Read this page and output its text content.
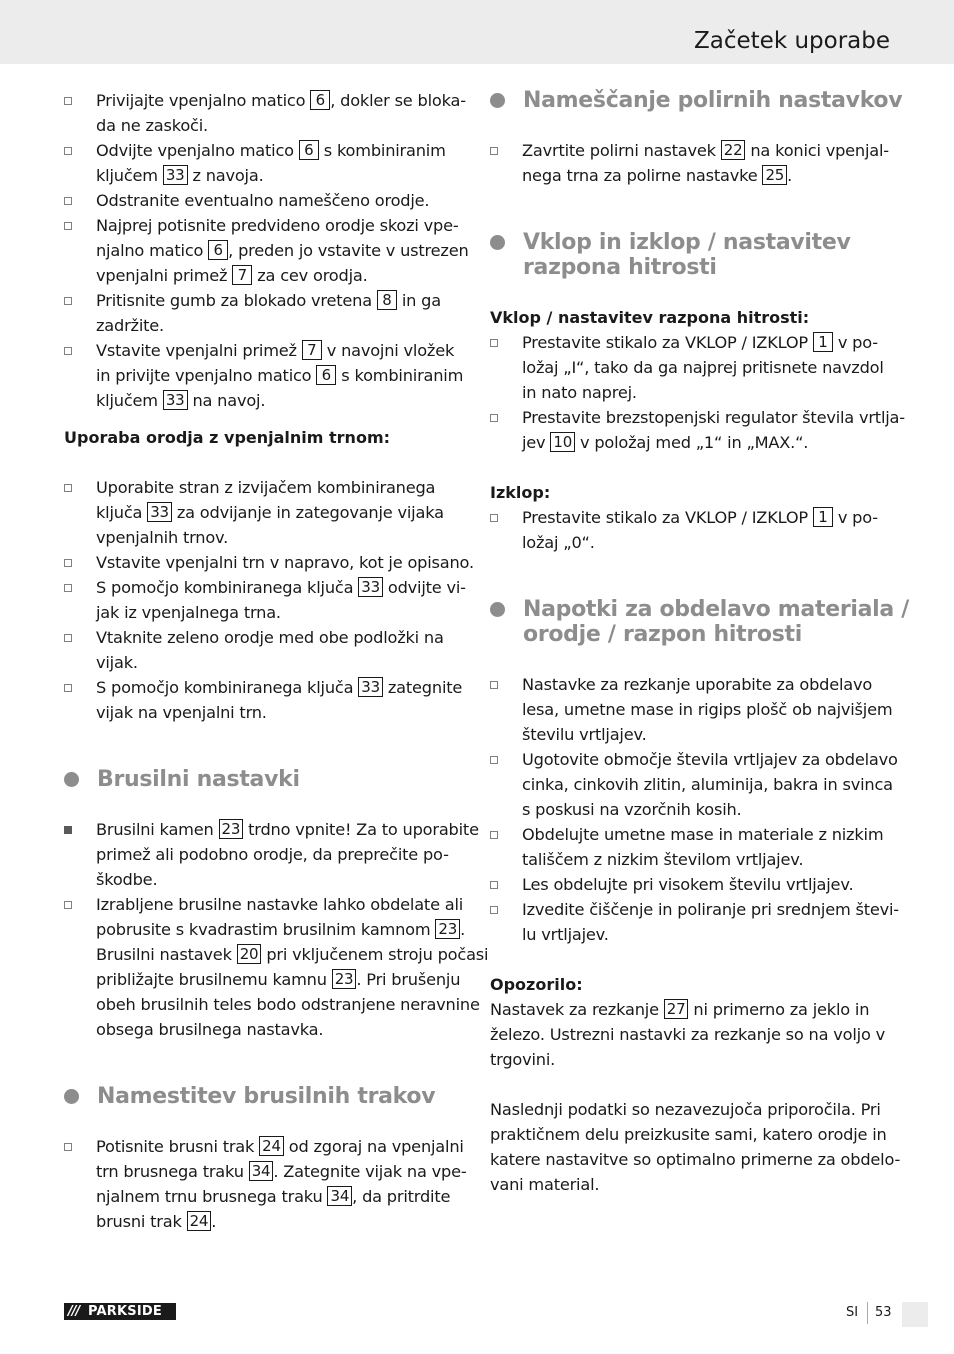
Začetek uporabe
Privijajte vpenjalno matico 6 , dokler se bloka-
da ne zaskoči.
Odvijte vpenjalno matico 6 s kombiniranim
ključem 33 z navoja.
Odstranite eventualno nameščeno orodje.
Najprej potisnite predvideno orodje skozi vpe-
njalno matico 6 , preden jo vstavite v ustrezen
vpenjalni primež 7 za cev orodja.
Pritisnite gumb za blokado vretena 8 in ga
zadržite.
Vstavite vpenjalni primež 7 v navojni vložek
in privijte vpenjalno matico 6 s kombiniranim
ključem 33 na navoj.
Uporaba orodja z vpenjalnim trnom:
Uporabite stran z izvijačem kombiniranega
ključa 33 za odvijanje in zategovanje vijaka
vpenjalnih trnov.
Vstavite vpenjalni trn v napravo, kot je opisano.
S pomočjo kombiniranega ključa 33 odvijte vi-
jak iz vpenjalnega trna.
Vtaknite zeleno orodje med obe podložki na
vijak.
S pomočjo kombiniranega ključa 33 zategnite
vijak na vpenjalni trn.
Brusilni nastavki
Brusilni kamen 23 trdno vpnite! Za to uporabite
primež ali podobno orodje, da preprečite po-
škodbe.
Izrabljene brusilne nastavke lahko obdelate ali
pobrusite s kvadrastim brusilnim kamnom 23 .
Brusilni nastavek 20 pri vključenem stroju počasi
približajte brusilnemu kamnu 23 . Pri brušenju
obeh brusilnih teles bodo odstranjene neravnine
obsega brusilnega nastavka.
Namestitev brusilnih trakov
Potisnite brusni trak 24 od zgoraj na vpenjalni
trn brusnega traku 34 . Zategnite vijak na vpe-
njalnem trnu brusnega traku 34 , da pritrdite
brusni trak 24 .
Nameščanje polirnih nastavkov
Zavrtite polirni nastavek 22 na konici vpenjal-
nega trna za polirne nastavke 25 .
Vklop in izklop / nastavitev
razpona hitrosti
Vklop / nastavitev razpona hitrosti:
Prestavite stikalo za VKLOP / IZKLOP 1 v po-
ložaj „I“, tako da ga najprej pritisnete navzdol
in nato naprej.
Prestavite brezstopenjski regulator števila vrtlja-
jev 10 v položaj med „1“ in „MAX.“.
Izklop:
Prestavite stikalo za VKLOP / IZKLOP 1 v po-
ložaj „0“.
Napotki za obdelavo materiala /
orodje / razpon hitrosti
Nastavke za rezkanje uporabite za obdelavo
lesa, umetne mase in rigips plošč ob najvišjem
številu vrtljajev.
Ugotovite območje števila vrtljajev za obdelavo
cinka, cinkovih zlitin, aluminija, bakra in svinca
s poskusi na vzorčnih kosih.
Obdelujte umetne mase in materiale z nizkim
tališčem z nizkim številom vrtljajev.
Les obdelujte pri visokem številu vrtljajev.
Izvedite čiščenje in poliranje pri srednjem števi-
lu vrtljajev.
Opozorilo:
Nastavek za rezkanje 27 ni primerno za jeklo in
železo. Ustrezni nastavki za rezkanje so na voljo v
trgovini.
Naslednji podatki so nezavezujoča priporočila. Pri
praktičnem delu preizkusite sami, katero orodje in
katere nastavitve so optimalno primerne za obdelo-
vani material.
/// PARKSIDE	SI 53
